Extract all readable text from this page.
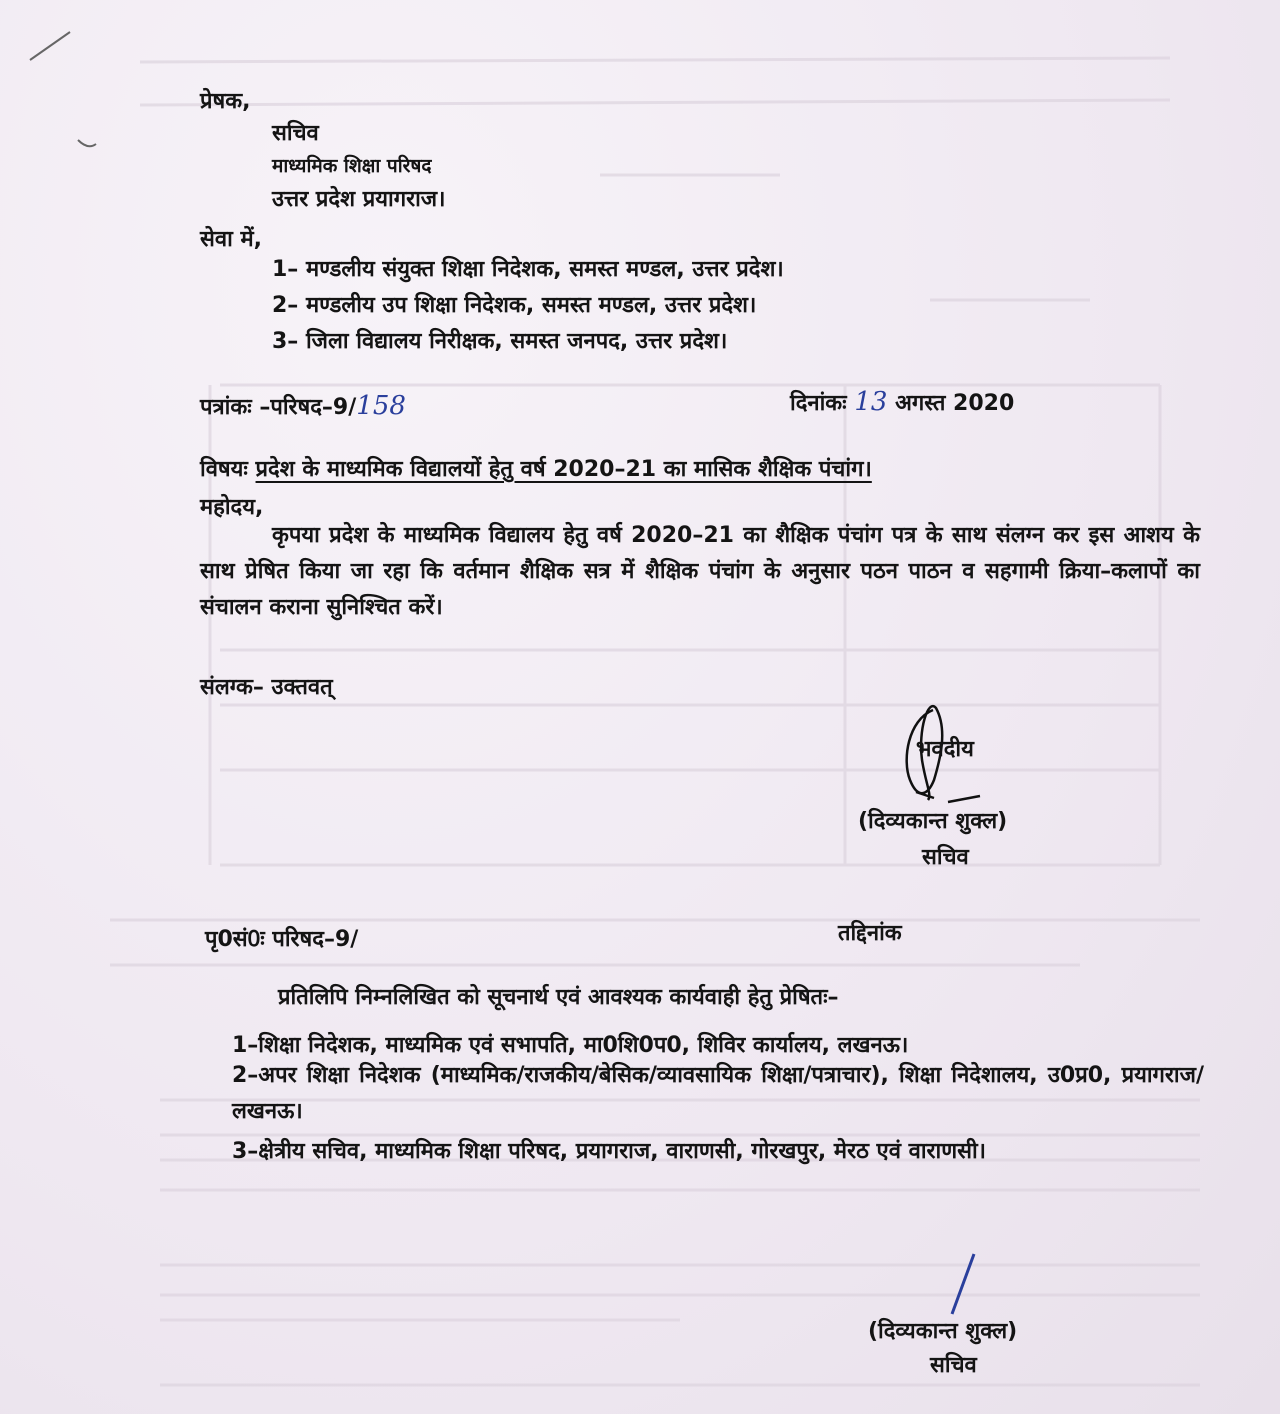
प्रेषक,
सचिव
माध्यमिक शिक्षा परिषद
उत्तर प्रदेश प्रयागराज।
सेवा में,
1– मण्डलीय संयुक्त शिक्षा निदेशक, समस्त मण्डल, उत्तर प्रदेश।
2– मण्डलीय उप शिक्षा निदेशक, समस्त मण्डल, उत्तर प्रदेश।
3– जिला विद्यालय निरीक्षक, समस्त जनपद, उत्तर प्रदेश।
पत्रांकः –परिषद–9/158	दिनांकः 13 अगस्त 2020
विषयः प्रदेश के माध्यमिक विद्यालयों हेतु वर्ष 2020–21 का मासिक शैक्षिक पंचांग।
महोदय,
कृपया प्रदेश के माध्यमिक विद्यालय हेतु वर्ष 2020–21 का शैक्षिक पंचांग पत्र के साथ संलग्न कर इस आशय के साथ प्रेषित किया जा रहा कि वर्तमान शैक्षिक सत्र में शैक्षिक पंचांग के अनुसार पठन पाठन व सहगामी क्रिया–कलापों का संचालन कराना सुनिश्चित करें।
संलग्क– उक्तवत्
भवदीय
(दिव्यकान्त शुक्ल)
सचिव
पृ0सं0ः परिषद–9/	तद्दिनांक
प्रतिलिपि निम्नलिखित को सूचनार्थ एवं आवश्यक कार्यवाही हेतु प्रेषितः–
1–शिक्षा निदेशक, माध्यमिक एवं सभापति, मा0शि0प0, शिविर कार्यालय, लखनऊ।
2–अपर शिक्षा निदेशक (माध्यमिक/राजकीय/बेसिक/व्यावसायिक शिक्षा/पत्राचार), शिक्षा निदेशालय, उ0प्र0, प्रयागराज/लखनऊ।
3–क्षेत्रीय सचिव, माध्यमिक शिक्षा परिषद, प्रयागराज, वाराणसी, गोरखपुर, मेरठ एवं वाराणसी।
(दिव्यकान्त शुक्ल)
सचिव
